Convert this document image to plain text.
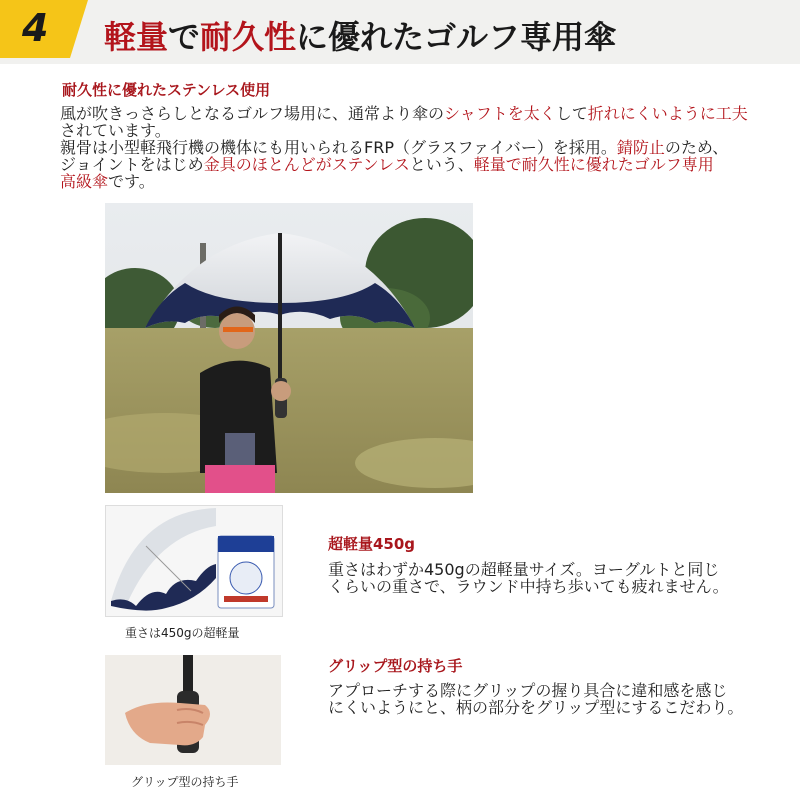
4 軽量で耐久性に優れたゴルフ専用傘
耐久性に優れたステンレス使用
風が吹きっさらしとなるゴルフ場用に、通常より傘のシャフトを太くして折れにくいように工夫
されています。
親骨は小型軽飛行機の機体にも用いられるFRP（グラスファイバー）を採用。錆防止のため、
ジョイントをはじめ金具のほとんどがステンレスという、軽量で耐久性に優れたゴルフ専用
高級傘です。
重さは450gの超軽量
超軽量450g
重さはわずか450gの超軽量サイズ。ヨーグルトと同じ
くらいの重さで、ラウンド中持ち歩いても疲れません。
グリップ型の持ち手
グリップ型の持ち手
アプローチする際にグリップの握り具合に違和感を感じ
にくいようにと、柄の部分をグリップ型にするこだわり。
